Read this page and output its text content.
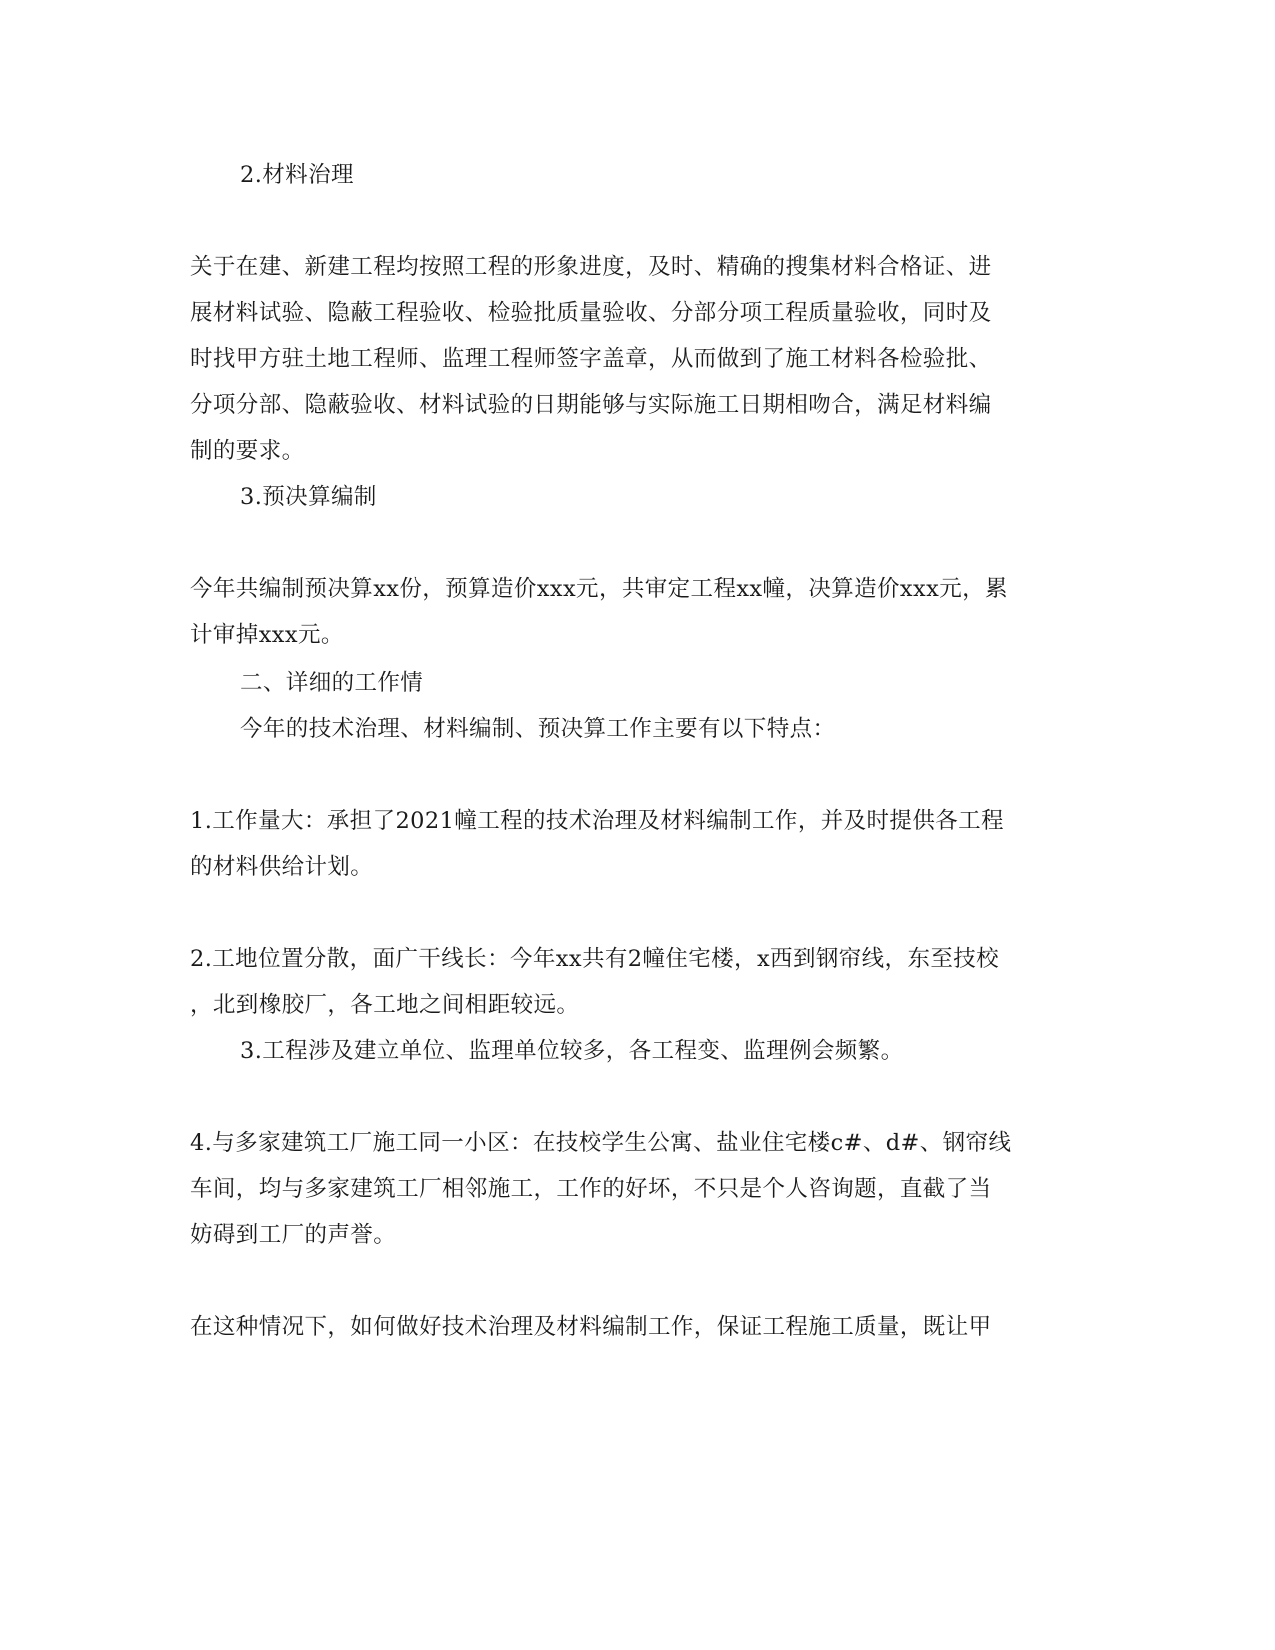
2.材料治理
关于在建、新建工程均按照工程的形象进度，及时、精确的搜集材料合格证、进
展材料试验、隐蔽工程验收、检验批质量验收、分部分项工程质量验收，同时及
时找甲方驻土地工程师、监理工程师签字盖章，从而做到了施工材料各检验批、
分项分部、隐蔽验收、材料试验的日期能够与实际施工日期相吻合，满足材料编
制的要求。
3.预决算编制
今年共编制预决算xx份，预算造价xxx元，共审定工程xx幢，决算造价xxx元，累
计审掉xxx元。
二、详细的工作情
今年的技术治理、材料编制、预决算工作主要有以下特点：
1.工作量大：承担了2021幢工程的技术治理及材料编制工作，并及时提供各工程
的材料供给计划。
2.工地位置分散，面广干线长：今年xx共有2幢住宅楼，x西到钢帘线，东至技校
，北到橡胶厂，各工地之间相距较远。
3.工程涉及建立单位、监理单位较多，各工程变、监理例会频繁。
4.与多家建筑工厂施工同一小区：在技校学生公寓、盐业住宅楼c#、d#、钢帘线
车间，均与多家建筑工厂相邻施工，工作的好坏，不只是个人咨询题，直截了当
妨碍到工厂的声誉。
在这种情况下，如何做好技术治理及材料编制工作，保证工程施工质量，既让甲
